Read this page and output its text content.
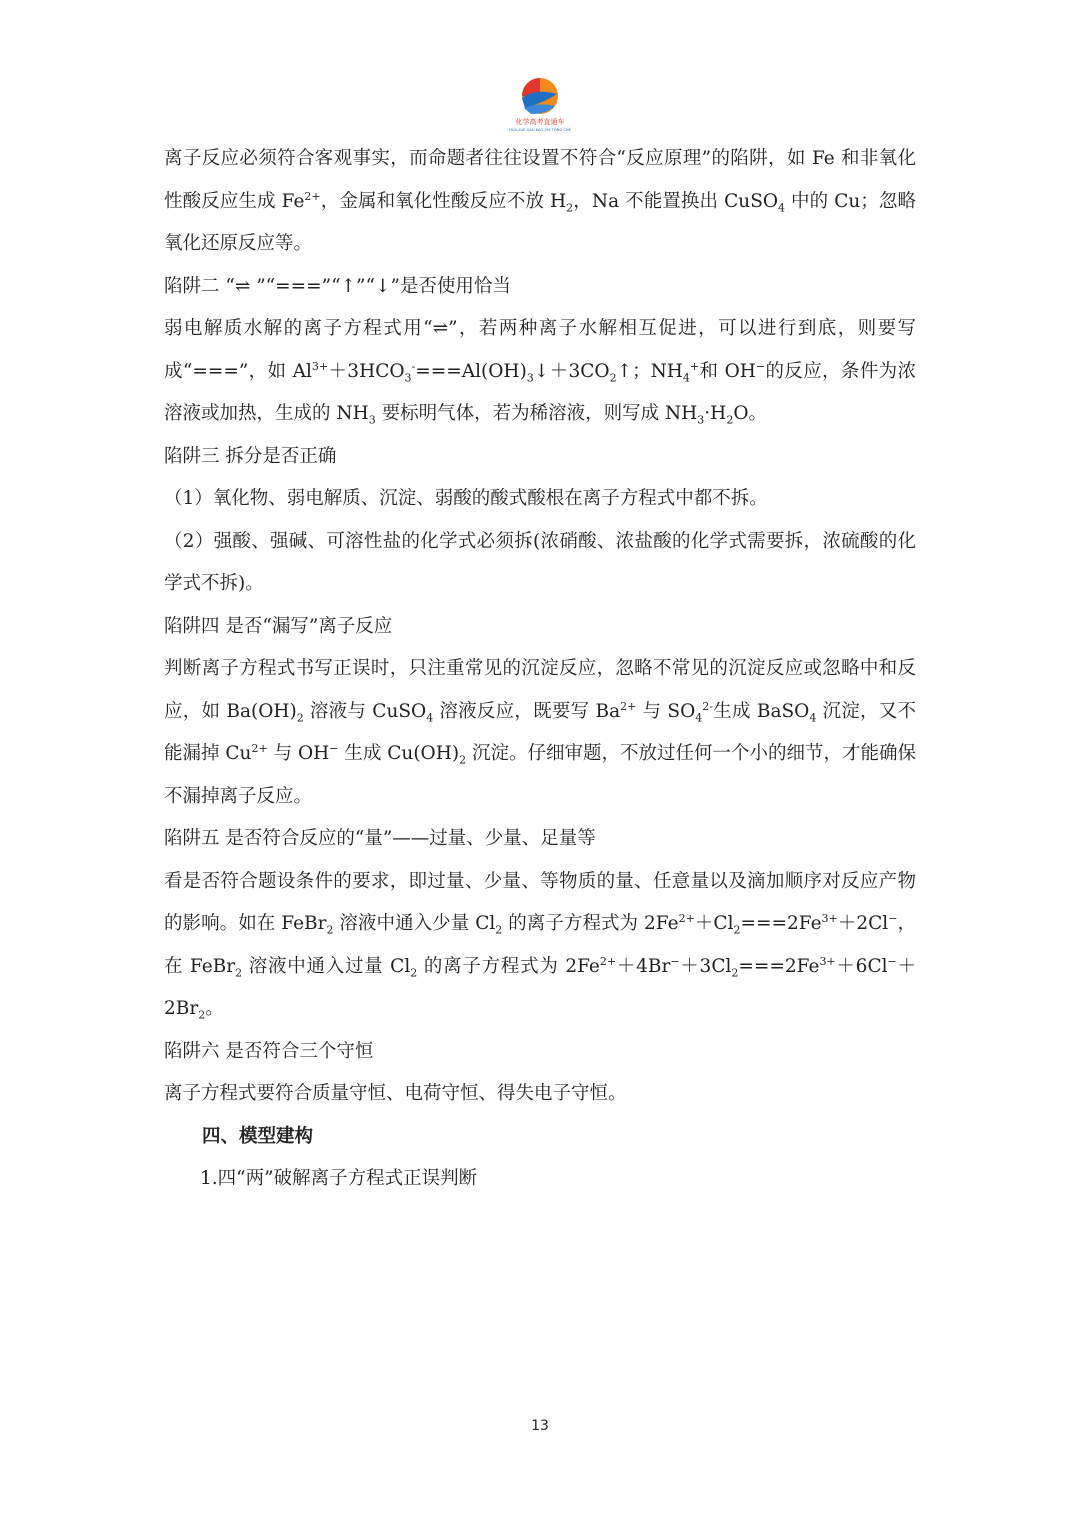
化学高考直通车
HUA XUE GAO KAO ZHI TONG CHE

离子反应必须符合客观事实，而命题者往往设置不符合“反应原理”的陷阱，如 Fe 和非氧化性酸反应生成 $Fe^{2+}$，金属和氧化性酸反应不放 $H_2$，Na 不能置换出 CuSO$_4$ 中的 Cu；忽略氧化还原反应等。

陷阱二 “⇌ ”“===”“↑”“↓”是否使用恰当

弱电解质水解的离子方程式用“⇌”，若两种离子水解相互促进，可以进行到底，则要写成“===”，如 $Al^{3+}+3HCO_3^-===Al(OH)_3↓+3CO_2↑$；$NH_4^+$和 OH−的反应，条件为浓溶液或加热，生成的 $NH_3$ 要标明气体，若为稀溶液，则写成 $NH_3\cdot H_2O$。

陷阱三 拆分是否正确

（1）氧化物、弱电解质、沉淀、弱酸的酸式酸根在离子方程式中都不拆。

（2）强酸、强碱、可溶性盐的化学式必须拆(浓硝酸、浓盐酸的化学式需要拆，浓硫酸的化学式不拆)。

陷阱四 是否“漏写”离子反应

判断离子方程式书写正误时，只注重常见的沉淀反应，忽略不常见的沉淀反应或忽略中和反应，如 $Ba(OH)_2$ 溶液与 CuSO$_4$ 溶液反应，既要写 $Ba^{2+}$ 与 $SO_4^{2-}$生成 BaSO$_4$ 沉淀，又不能漏掉 $Cu^{2+}$ 与 OH− 生成 $Cu(OH)_2$ 沉淀。仔细审题，不放过任何一个小的细节，才能确保不漏掉离子反应。

陷阱五 是否符合反应的“量”——过量、少量、足量等

看是否符合题设条件的要求，即过量、少量、等物质的量、任意量以及滴加顺序对反应产物的影响。如在 FeBr$_2$ 溶液中通入少量 $Cl_2$ 的离子方程式为 $2Fe^{2+}+Cl_2===2Fe^{3+}+2Cl^-$，在 FeBr$_2$ 溶液中通入过量 $Cl_2$ 的离子方程式为 $2Fe^{2+}+4Br^-+3Cl_2===2Fe^{3+}+6Cl^-+2Br_2$。

陷阱六 是否符合三个守恒

离子方程式要符合质量守恒、电荷守恒、得失电子守恒。

四、模型建构

1.四“两”破解离子方程式正误判断

13
